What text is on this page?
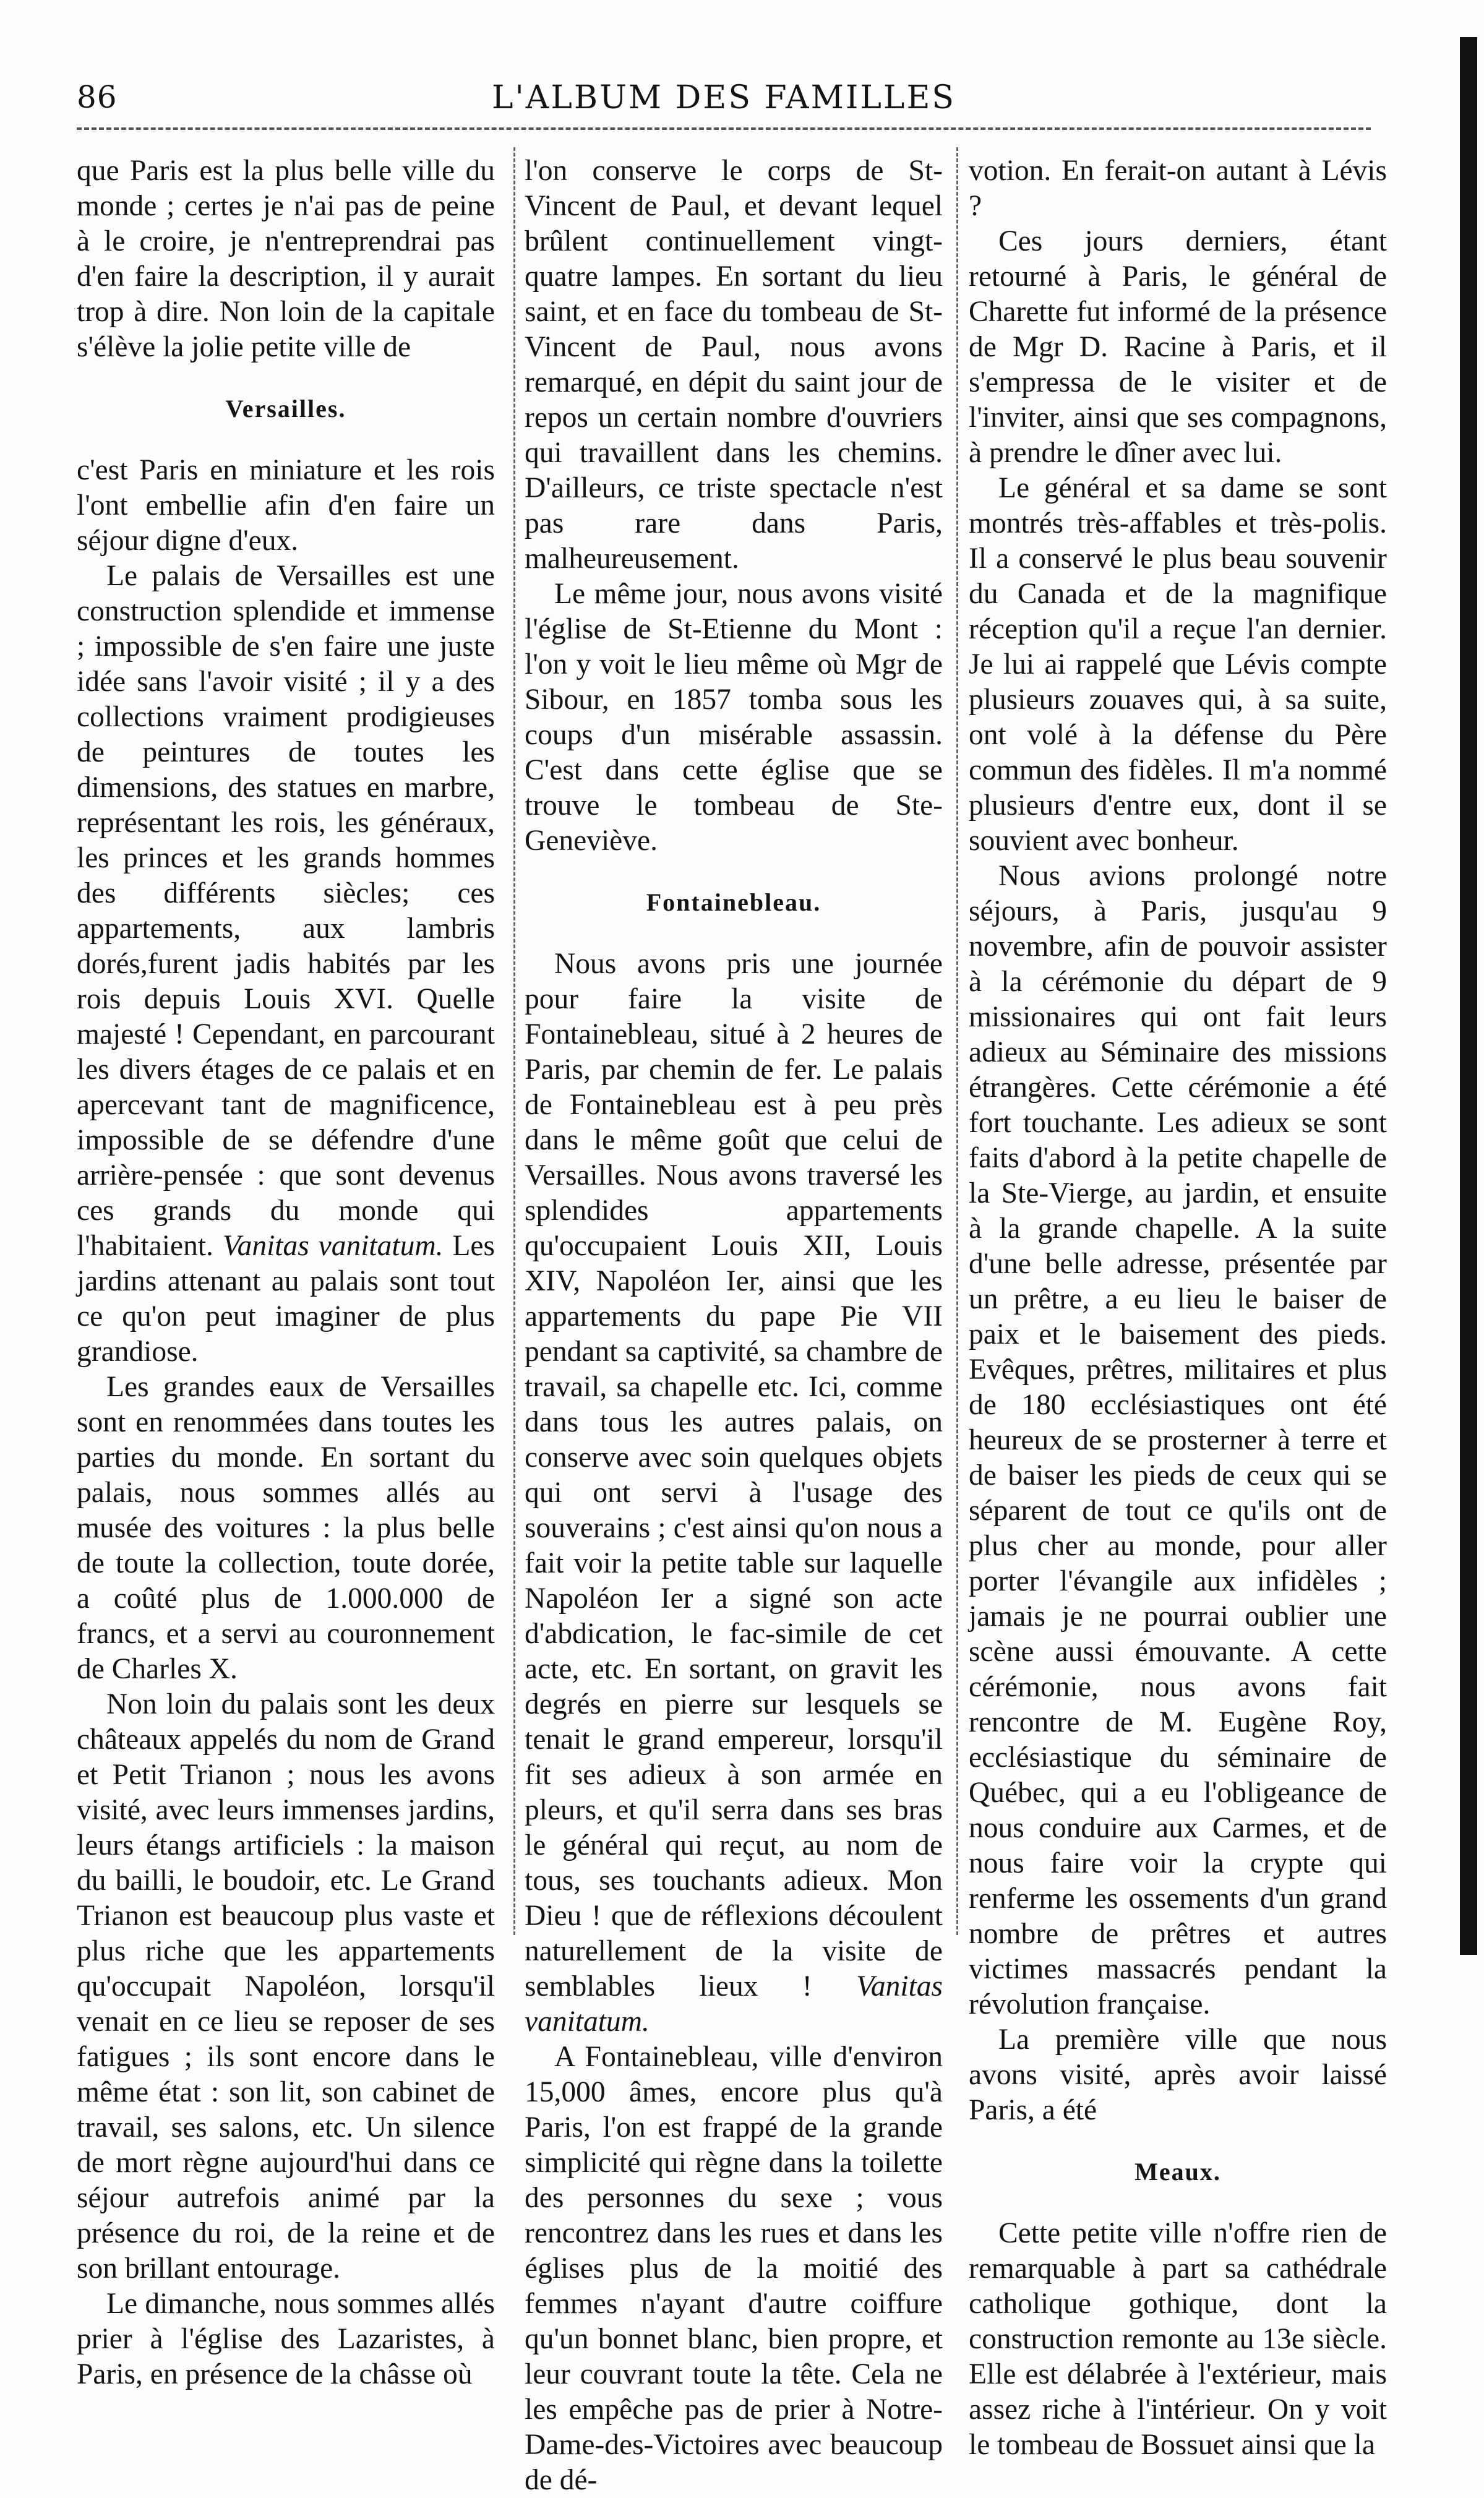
86	L'ALBUM DES FAMILLES

que Paris est la plus belle ville du monde ; certes je n'ai pas de peine à le croire, je n'entreprendrai pas d'en faire la description, il y aurait trop à dire. Non loin de la capitale s'élève la jolie petite ville de

Versailles.

c'est Paris en miniature et les rois l'ont embellie afin d'en faire un séjour digne d'eux.

Le palais de Versailles est une construction splendide et immense ; impossible de s'en faire une juste idée sans l'avoir visité ; il y a des collections vraiment prodigieuses de peintures de toutes les dimensions, des statues en marbre, représentant les rois, les généraux, les princes et les grands hommes des différents siècles; ces appartements, aux lambris dorés,furent jadis habités par les rois depuis Louis XVI. Quelle majesté ! Cependant, en parcourant les divers étages de ce palais et en apercevant tant de magnificence, impossible de se défendre d'une arrière-pensée : que sont devenus ces grands du monde qui l'habitaient. Vanitas vanitatum. Les jardins attenant au palais sont tout ce qu'on peut imaginer de plus grandiose.

Les grandes eaux de Versailles sont en renommées dans toutes les parties du monde. En sortant du palais, nous sommes allés au musée des voitures : la plus belle de toute la collection, toute dorée, a coûté plus de 1.000.000 de francs, et a servi au couronnement de Charles X.

Non loin du palais sont les deux châteaux appelés du nom de Grand et Petit Trianon ; nous les avons visité, avec leurs immenses jardins, leurs étangs artificiels : la maison du bailli, le boudoir, etc. Le Grand Trianon est beaucoup plus vaste et plus riche que les appartements qu'occupait Napoléon, lorsqu'il venait en ce lieu se reposer de ses fatigues ; ils sont encore dans le même état : son lit, son cabinet de travail, ses salons, etc. Un silence de mort règne aujourd'hui dans ce séjour autrefois animé par la présence du roi, de la reine et de son brillant entourage.

Le dimanche, nous sommes allés prier à l'église des Lazaristes, à Paris, en présence de la châsse où

l'on conserve le corps de St-Vincent de Paul, et devant lequel brûlent continuellement vingt-quatre lampes. En sortant du lieu saint, et en face du tombeau de St-Vincent de Paul, nous avons remarqué, en dépit du saint jour de repos un certain nombre d'ouvriers qui travaillent dans les chemins. D'ailleurs, ce triste spectacle n'est pas rare dans Paris, malheureusement.

Le même jour, nous avons visité l'église de St-Etienne du Mont : l'on y voit le lieu même où Mgr de Sibour, en 1857 tomba sous les coups d'un misérable assassin. C'est dans cette église que se trouve le tombeau de Ste-Geneviève.

Fontainebleau.

Nous avons pris une journée pour faire la visite de Fontainebleau, situé à 2 heures de Paris, par chemin de fer. Le palais de Fontainebleau est à peu près dans le même goût que celui de Versailles. Nous avons traversé les splendides appartements qu'occupaient Louis XII, Louis XIV, Napoléon Ier, ainsi que les appartements du pape Pie VII pendant sa captivité, sa chambre de travail, sa chapelle etc. Ici, comme dans tous les autres palais, on conserve avec soin quelques objets qui ont servi à l'usage des souverains ; c'est ainsi qu'on nous a fait voir la petite table sur laquelle Napoléon Ier a signé son acte d'abdication, le fac-simile de cet acte, etc. En sortant, on gravit les degrés en pierre sur lesquels se tenait le grand empereur, lorsqu'il fit ses adieux à son armée en pleurs, et qu'il serra dans ses bras le général qui reçut, au nom de tous, ses touchants adieux. Mon Dieu ! que de réflexions découlent naturellement de la visite de semblables lieux ! Vanitas vanitatum.

A Fontainebleau, ville d'environ 15,000 âmes, encore plus qu'à Paris, l'on est frappé de la grande simplicité qui règne dans la toilette des personnes du sexe ; vous rencontrez dans les rues et dans les églises plus de la moitié des femmes n'ayant d'autre coiffure qu'un bonnet blanc, bien propre, et leur couvrant toute la tête. Cela ne les empêche pas de prier à Notre-Dame-des-Victoires avec beaucoup de dé-

votion. En ferait-on autant à Lévis ?

Ces jours derniers, étant retourné à Paris, le général de Charette fut informé de la présence de Mgr D. Racine à Paris, et il s'empressa de le visiter et de l'inviter, ainsi que ses compagnons, à prendre le dîner avec lui.

Le général et sa dame se sont montrés très-affables et très-polis. Il a conservé le plus beau souvenir du Canada et de la magnifique réception qu'il a reçue l'an dernier. Je lui ai rappelé que Lévis compte plusieurs zouaves qui, à sa suite, ont volé à la défense du Père commun des fidèles. Il m'a nommé plusieurs d'entre eux, dont il se souvient avec bonheur.

Nous avions prolongé notre séjours, à Paris, jusqu'au 9 novembre, afin de pouvoir assister à la cérémonie du départ de 9 missionaires qui ont fait leurs adieux au Séminaire des missions étrangères. Cette cérémonie a été fort touchante. Les adieux se sont faits d'abord à la petite chapelle de la Ste-Vierge, au jardin, et ensuite à la grande chapelle. A la suite d'une belle adresse, présentée par un prêtre, a eu lieu le baiser de paix et le baisement des pieds. Evêques, prêtres, militaires et plus de 180 ecclésiastiques ont été heureux de se prosterner à terre et de baiser les pieds de ceux qui se séparent de tout ce qu'ils ont de plus cher au monde, pour aller porter l'évangile aux infidèles ; jamais je ne pourrai oublier une scène aussi émouvante. A cette cérémonie, nous avons fait rencontre de M. Eugène Roy, ecclésiastique du séminaire de Québec, qui a eu l'obligeance de nous conduire aux Carmes, et de nous faire voir la crypte qui renferme les ossements d'un grand nombre de prêtres et autres victimes massacrés pendant la révolution française.

La première ville que nous avons visité, après avoir laissé Paris, a été

Meaux.

Cette petite ville n'offre rien de remarquable à part sa cathédrale catholique gothique, dont la construction remonte au 13e siècle. Elle est délabrée à l'extérieur, mais assez riche à l'intérieur. On y voit le tombeau de Bossuet ainsi que la
